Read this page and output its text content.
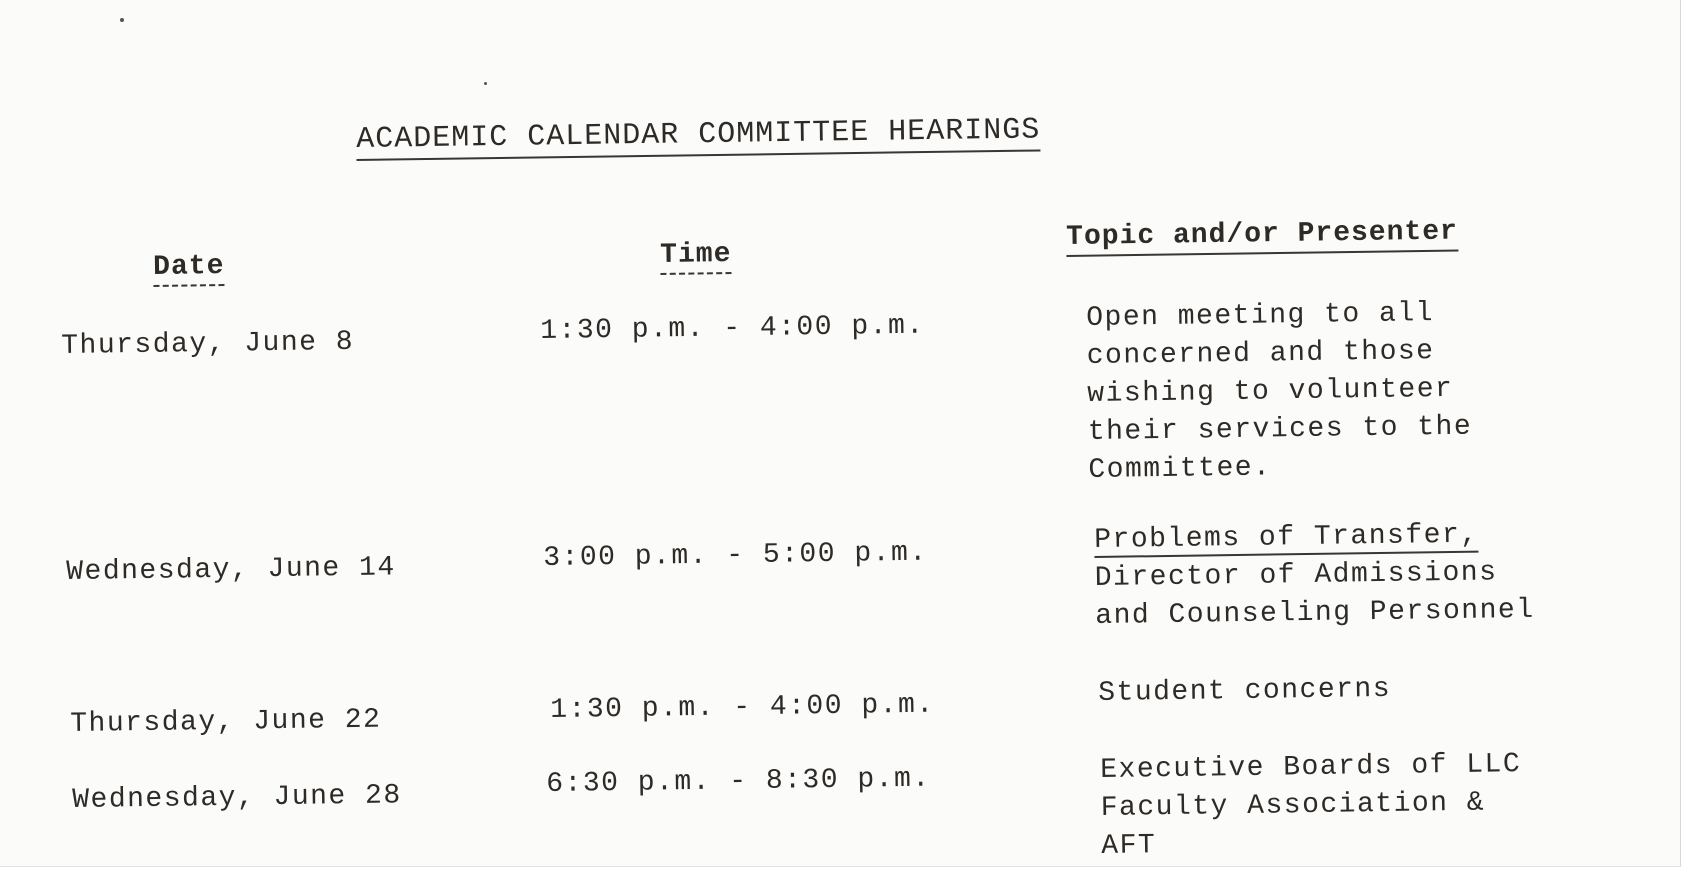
ACADEMIC CALENDAR COMMITTEE HEARINGS
Date	Time
Topic and/or Presenter
Thursday, June 8	1:30 p.m. - 4:00 p.m.	Open meeting to all
concerned and those
wishing to volunteer
their services to the
Committee.
Wednesday, June 14	3:00 p.m. - 5:00 p.m.	Problems of Transfer,
Director of Admissions
and Counseling Personnel
Thursday, June 22	1:30 p.m. - 4:00 p.m.	Student concerns
Wednesday, June 28	6:30 p.m. - 8:30 p.m.	Executive Boards of LLC
Faculty Association &
AFT
